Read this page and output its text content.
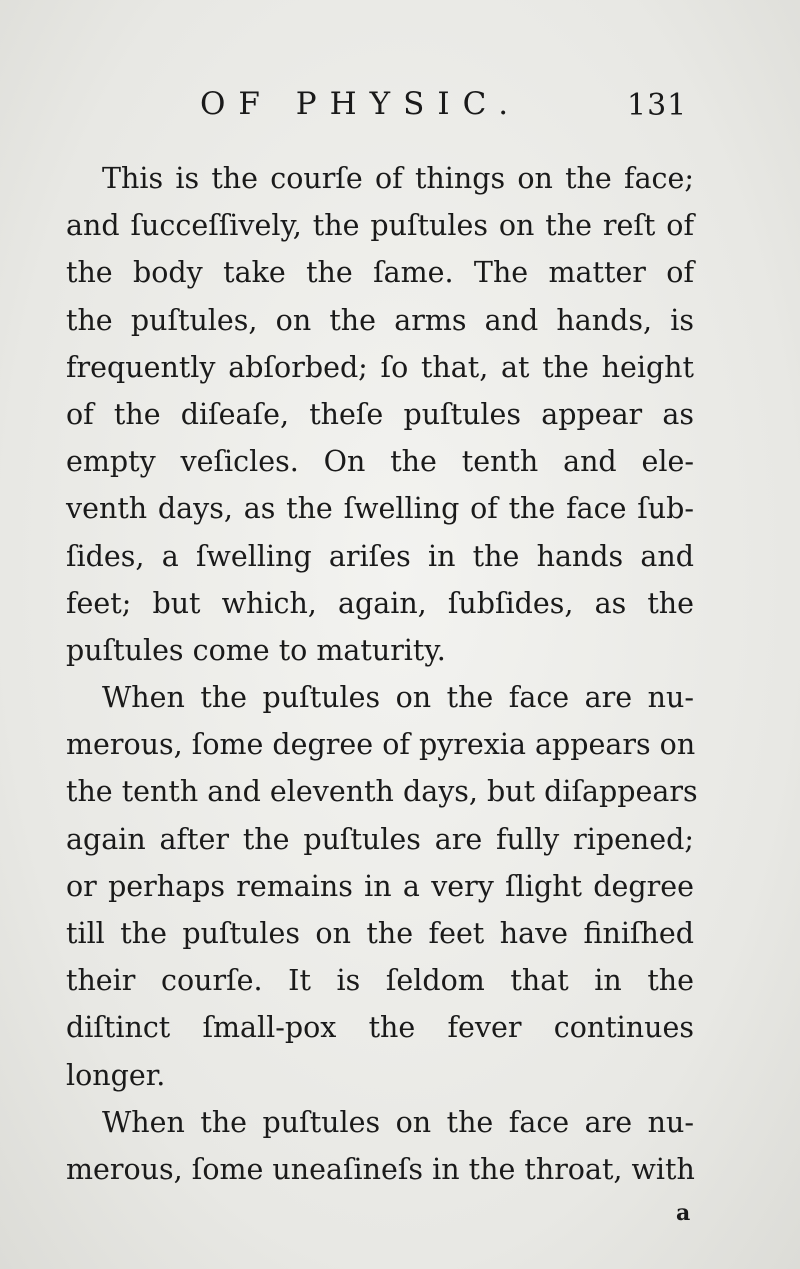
OF PHYSIC.	131
This is the courſe of things on the face;
and ſucceſſively, the puſtules on the reſt of
the body take the ſame. The matter of
the puſtules, on the arms and hands, is
frequently abſorbed; ſo that, at the height
of the diſeaſe, theſe puſtules appear as
empty veſicles. On the tenth and ele-
venth days, as the ſwelling of the face ſub-
ſides, a ſwelling ariſes in the hands and
feet; but which, again, ſubſides, as the
puſtules come to maturity.
When the puſtules on the face are nu-
merous, ſome degree of pyrexia appears on
the tenth and eleventh days, but diſappears
again after the puſtules are fully ripened;
or perhaps remains in a very ſlight degree
till the puſtules on the feet have finiſhed
their courſe. It is ſeldom that in the
diſtinct ſmall-pox the fever continues
longer.
When the puſtules on the face are nu-
merous, ſome uneaſineſs in the throat, with
a
